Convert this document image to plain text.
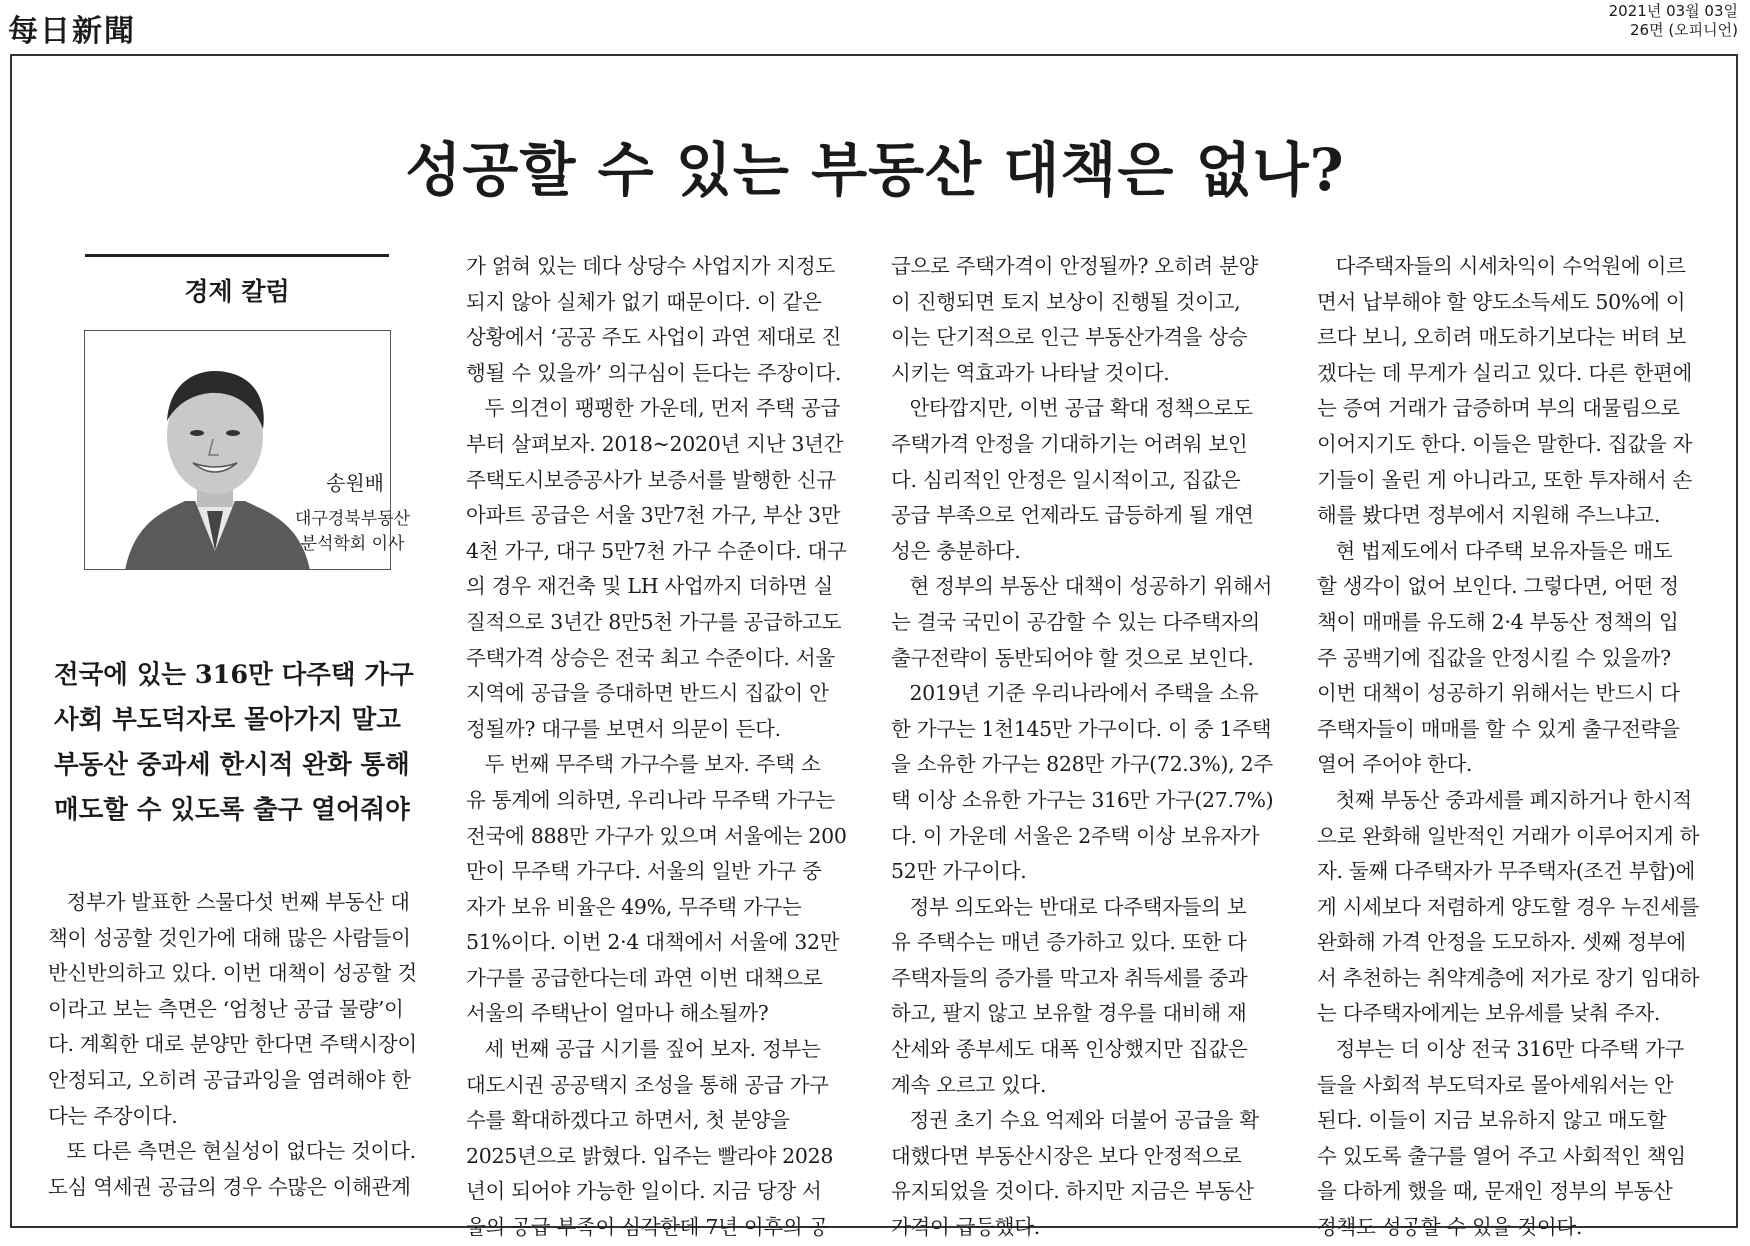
每日新聞
2021년 03월 03일
26면 (오피니언)
성공할 수 있는 부동산 대책은 없나?
경제 칼럼
송원배
대구경북부동산
분석학회 이사
전국에 있는 316만 다주택 가구
사회 부도덕자로 몰아가지 말고
부동산 중과세 한시적 완화 통해
매도할 수 있도록 출구 열어줘야
정부가 발표한 스물다섯 번째 부동산 대
책이 성공할 것인가에 대해 많은 사람들이
반신반의하고 있다. 이번 대책이 성공할 것
이라고 보는 측면은 ‘엄청난 공급 물량’이
다. 계획한 대로 분양만 한다면 주택시장이
안정되고, 오히려 공급과잉을 염려해야 한
다는 주장이다.
또 다른 측면은 현실성이 없다는 것이다.
도심 역세권 공급의 경우 수많은 이해관계
가 얽혀 있는 데다 상당수 사업지가 지정도
되지 않아 실체가 없기 때문이다. 이 같은
상황에서 ‘공공 주도 사업이 과연 제대로 진
행될 수 있을까’ 의구심이 든다는 주장이다.
두 의견이 팽팽한 가운데, 먼저 주택 공급
부터 살펴보자. 2018~2020년 지난 3년간
주택도시보증공사가 보증서를 발행한 신규
아파트 공급은 서울 3만7천 가구, 부산 3만
4천 가구, 대구 5만7천 가구 수준이다. 대구
의 경우 재건축 및 LH 사업까지 더하면 실
질적으로 3년간 8만5천 가구를 공급하고도
주택가격 상승은 전국 최고 수준이다. 서울
지역에 공급을 증대하면 반드시 집값이 안
정될까? 대구를 보면서 의문이 든다.
두 번째 무주택 가구수를 보자. 주택 소
유 통계에 의하면, 우리나라 무주택 가구는
전국에 888만 가구가 있으며 서울에는 200
만이 무주택 가구다. 서울의 일반 가구 중
자가 보유 비율은 49%, 무주택 가구는
51%이다. 이번 2·4 대책에서 서울에 32만
가구를 공급한다는데 과연 이번 대책으로
서울의 주택난이 얼마나 해소될까?
세 번째 공급 시기를 짚어 보자. 정부는
대도시권 공공택지 조성을 통해 공급 가구
수를 확대하겠다고 하면서, 첫 분양을
2025년으로 밝혔다. 입주는 빨라야 2028
년이 되어야 가능한 일이다. 지금 당장 서
울의 공급 부족이 심각한데 7년 이후의 공
급으로 주택가격이 안정될까? 오히려 분양
이 진행되면 토지 보상이 진행될 것이고,
이는 단기적으로 인근 부동산가격을 상승
시키는 역효과가 나타날 것이다.
안타깝지만, 이번 공급 확대 정책으로도
주택가격 안정을 기대하기는 어려워 보인
다. 심리적인 안정은 일시적이고, 집값은
공급 부족으로 언제라도 급등하게 될 개연
성은 충분하다.
현 정부의 부동산 대책이 성공하기 위해서
는 결국 국민이 공감할 수 있는 다주택자의
출구전략이 동반되어야 할 것으로 보인다.
2019년 기준 우리나라에서 주택을 소유
한 가구는 1천145만 가구이다. 이 중 1주택
을 소유한 가구는 828만 가구(72.3%), 2주
택 이상 소유한 가구는 316만 가구(27.7%)
다. 이 가운데 서울은 2주택 이상 보유자가
52만 가구이다.
정부 의도와는 반대로 다주택자들의 보
유 주택수는 매년 증가하고 있다. 또한 다
주택자들의 증가를 막고자 취득세를 중과
하고, 팔지 않고 보유할 경우를 대비해 재
산세와 종부세도 대폭 인상했지만 집값은
계속 오르고 있다.
정권 초기 수요 억제와 더불어 공급을 확
대했다면 부동산시장은 보다 안정적으로
유지되었을 것이다. 하지만 지금은 부동산
가격이 급등했다.
다주택자들의 시세차익이 수억원에 이르
면서 납부해야 할 양도소득세도 50%에 이
르다 보니, 오히려 매도하기보다는 버텨 보
겠다는 데 무게가 실리고 있다. 다른 한편에
는 증여 거래가 급증하며 부의 대물림으로
이어지기도 한다. 이들은 말한다. 집값을 자
기들이 올린 게 아니라고, 또한 투자해서 손
해를 봤다면 정부에서 지원해 주느냐고.
현 법제도에서 다주택 보유자들은 매도
할 생각이 없어 보인다. 그렇다면, 어떤 정
책이 매매를 유도해 2·4 부동산 정책의 입
주 공백기에 집값을 안정시킬 수 있을까?
이번 대책이 성공하기 위해서는 반드시 다
주택자들이 매매를 할 수 있게 출구전략을
열어 주어야 한다.
첫째 부동산 중과세를 폐지하거나 한시적
으로 완화해 일반적인 거래가 이루어지게 하
자. 둘째 다주택자가 무주택자(조건 부합)에
게 시세보다 저렴하게 양도할 경우 누진세를
완화해 가격 안정을 도모하자. 셋째 정부에
서 추천하는 취약계층에 저가로 장기 임대하
는 다주택자에게는 보유세를 낮춰 주자.
정부는 더 이상 전국 316만 다주택 가구
들을 사회적 부도덕자로 몰아세워서는 안
된다. 이들이 지금 보유하지 않고 매도할
수 있도록 출구를 열어 주고 사회적인 책임
을 다하게 했을 때, 문재인 정부의 부동산
정책도 성공할 수 있을 것이다.
